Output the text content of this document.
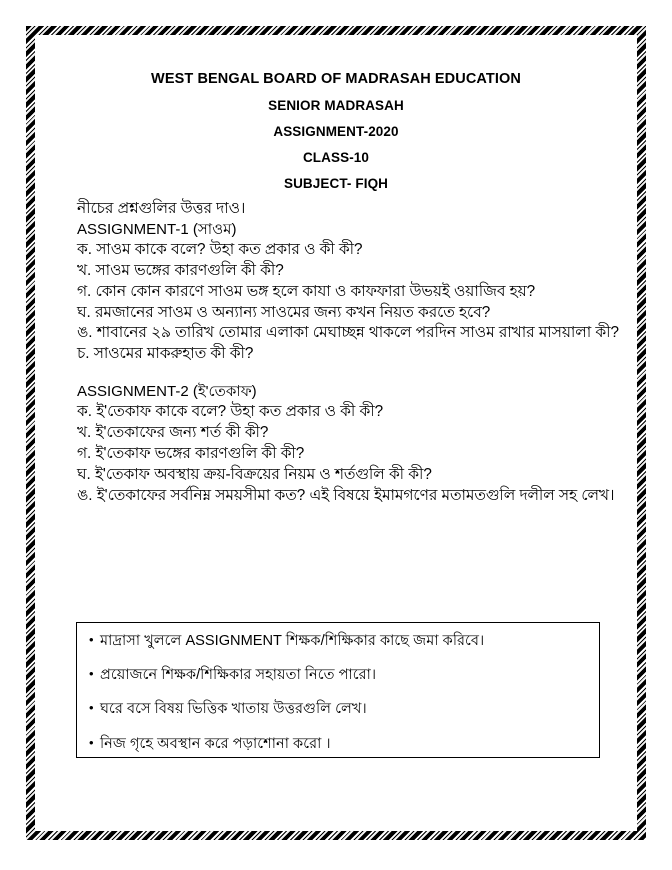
WEST BENGAL BOARD OF MADRASAH EDUCATION
SENIOR MADRASAH
ASSIGNMENT-2020
CLASS-10
SUBJECT- FIQH

নীচের প্রশ্নগুলির উত্তর দাও।

ASSIGNMENT-1 (সাওম)

ক. সাওম কাকে বলে? উহা কত প্রকার ও কী কী?

খ. সাওম ভঙ্গের কারণগুলি কী কী?

গ. কোন কোন কারণে সাওম ভঙ্গ হলে কাযা ও কাফফারা উভয়ই ওয়াজিব হয়?

ঘ. রমজানের সাওম ও অন্যান্য সাওমের জন্য কখন নিয়ত করতে হবে?

ঙ. শাবানের ২৯ তারিখ তোমার এলাকা মেঘাচ্ছন্ন থাকলে পরদিন সাওম রাখার মাসয়ালা কী?

চ. সাওমের মাকরুহাত কী কী?

ASSIGNMENT-2 (ই'তেকাফ)

ক. ই'তেকাফ কাকে বলে? উহা কত প্রকার ও কী কী?

খ. ই'তেকাফের জন্য শর্ত কী কী?

গ. ই'তেকাফ ভঙ্গের কারণগুলি কী কী?

ঘ. ই'তেকাফ অবস্থায় ক্রয়-বিক্রয়ের নিয়ম ও শর্তগুলি কী কী?

ঙ. ই'তেকাফের সর্বনিম্ন সময়সীমা কত? এই বিষয়ে ইমামগণের মতামতগুলি দলীল সহ লেখ।

• মাদ্রাসা খুললে ASSIGNMENT শিক্ষক/শিক্ষিকার কাছে জমা করিবে।
• প্রয়োজনে শিক্ষক/শিক্ষিকার সহায়তা নিতে পারো।
• ঘরে বসে বিষয় ভিত্তিক খাতায় উত্তরগুলি লেখ।
• নিজ গৃহে অবস্থান করে পড়াশোনা করো ।
